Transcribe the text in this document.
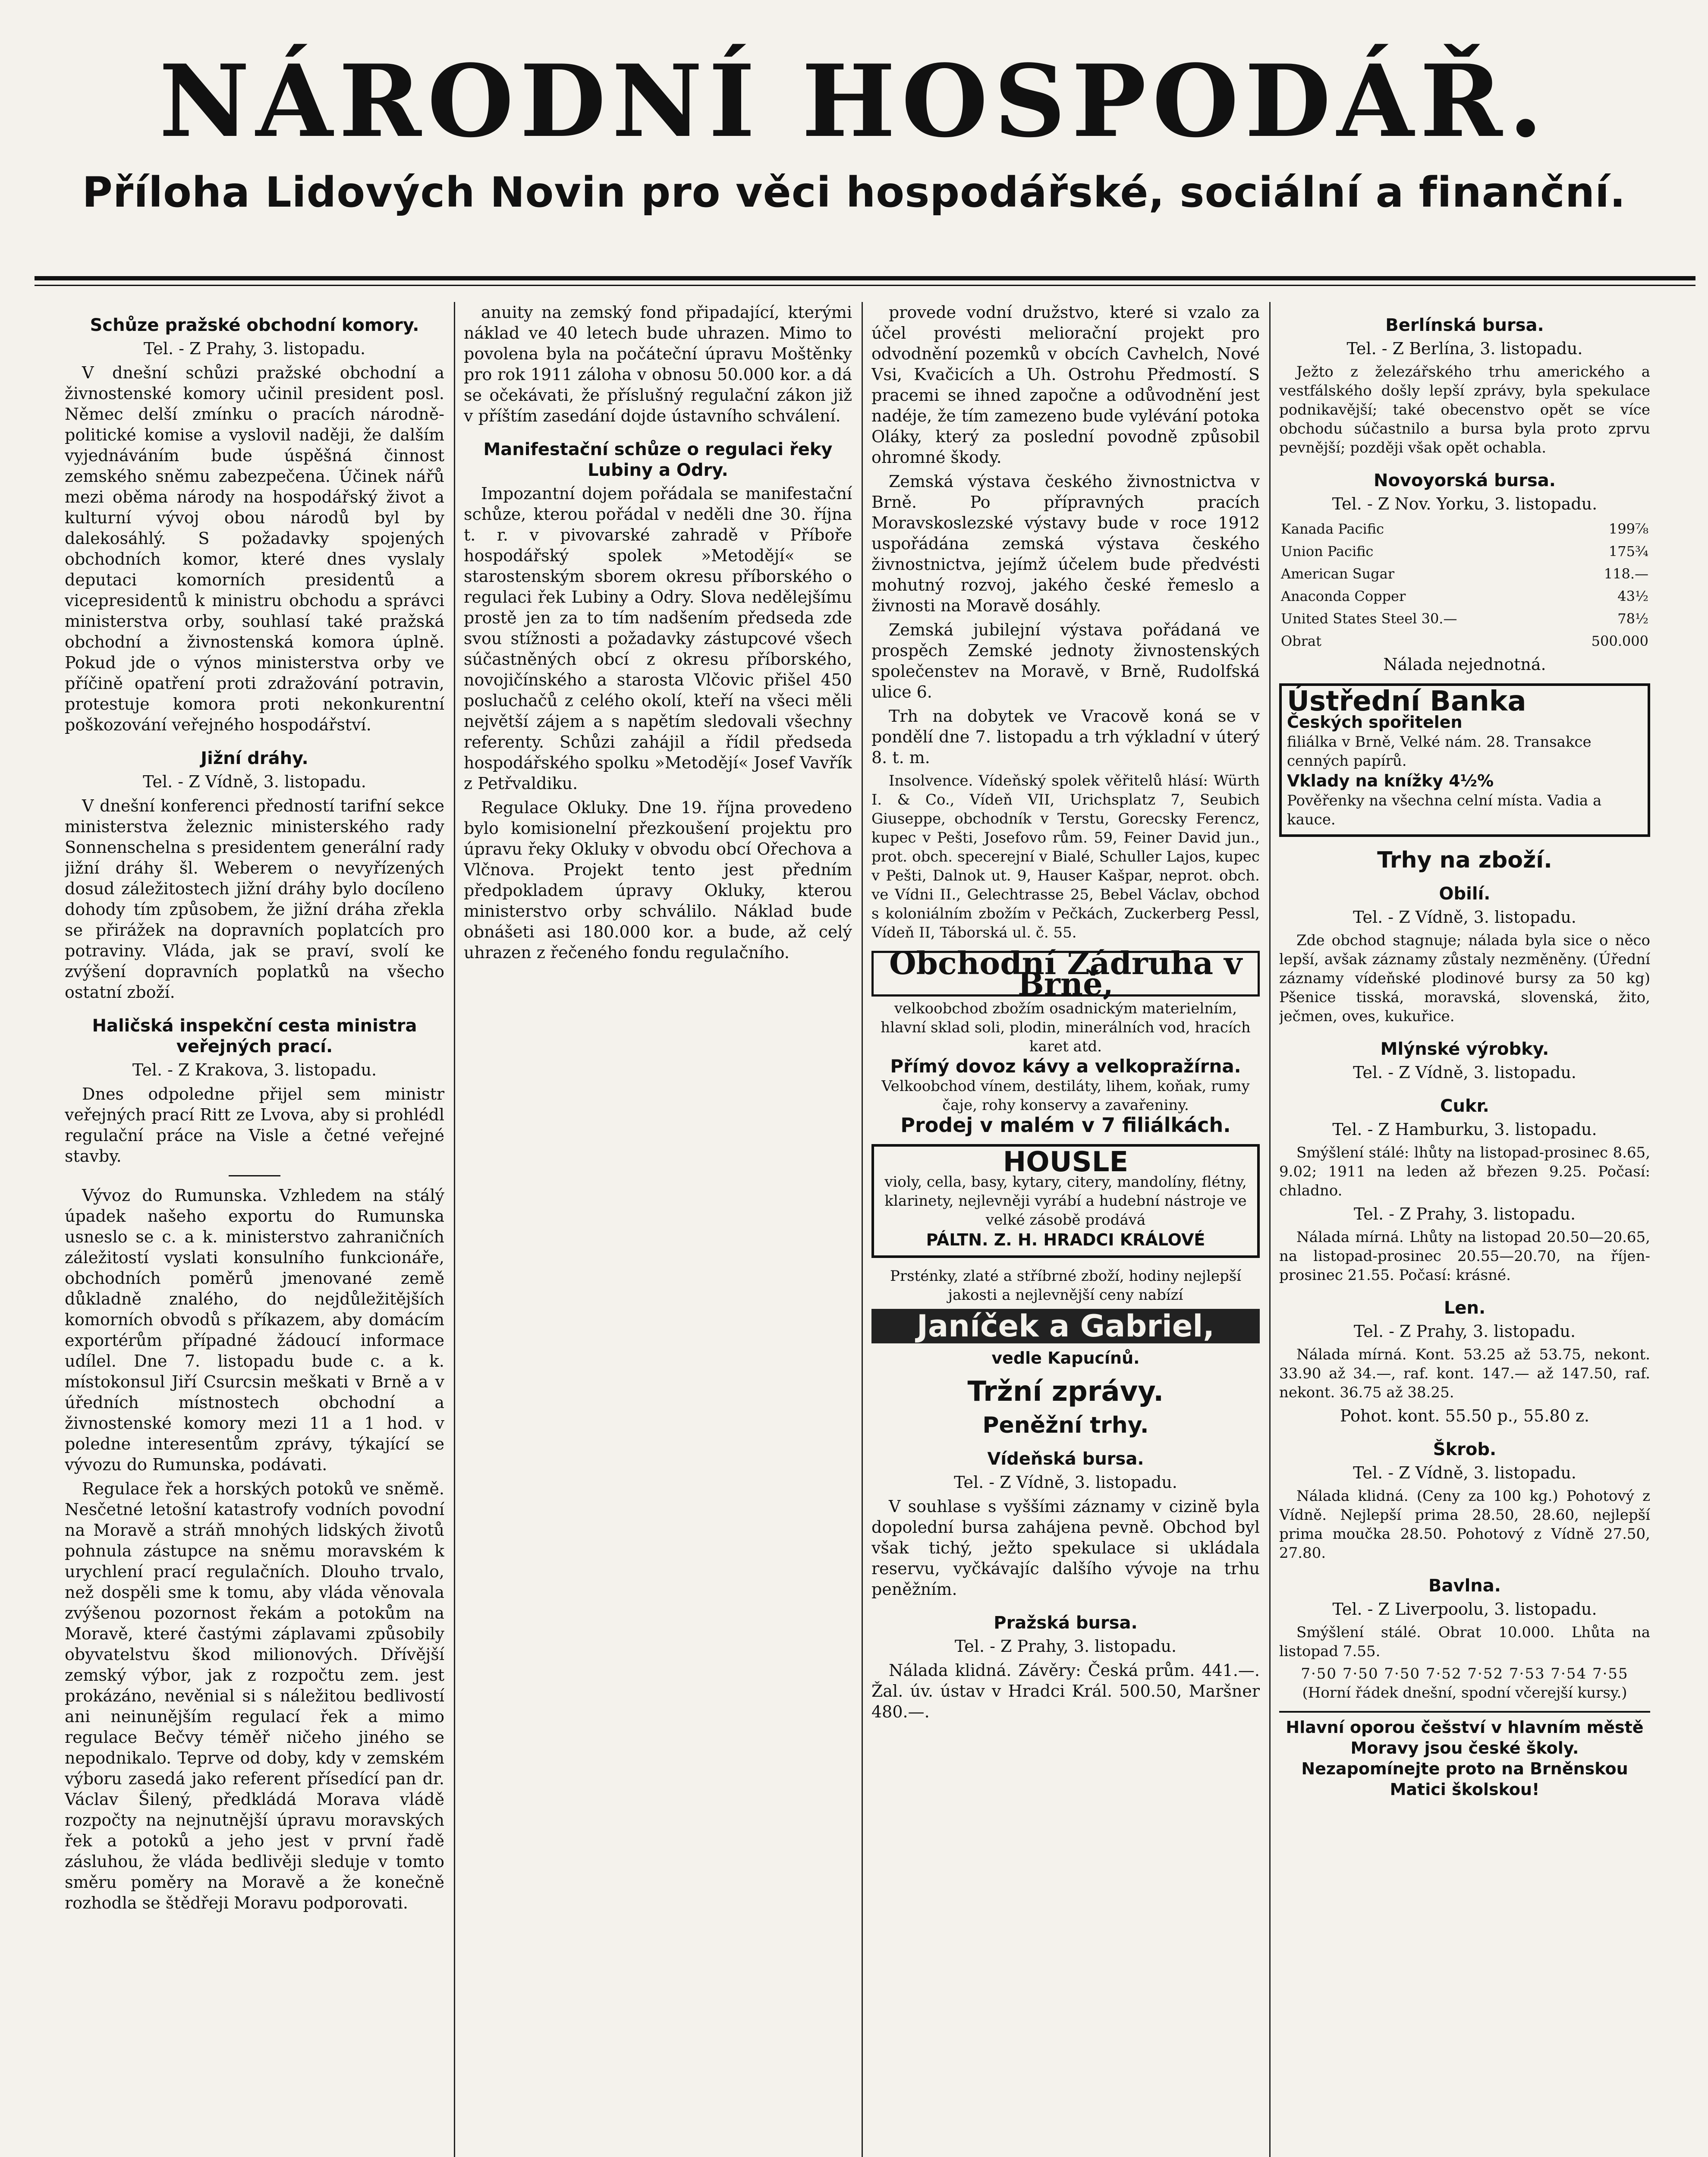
NÁRODNÍ HOSPODÁŘ.
Příloha Lidových Novin pro věci hospodářské, sociální a finanční.
Schůze pražské obchodní komory.
Tel. - Z Prahy, 3. listopadu.

V dnešní schůzi pražské obchodní a živnostenské komory učinil president posl. Němec delší zmínku o pracích národně-politické komise a vyslovil naději, že dalším vyjednáváním bude úspěšná činnost zemského sněmu zabezpečena. Účinek nářů mezi oběma národy na hospodářský život a kulturní vývoj obou národů byl by dalekosáhlý. S požadavky spojených obchodních komor, které dnes vyslaly deputaci komorních presidentů a vicepresidentů k ministru obchodu a správci ministerstva orby, souhlasí také pražská obchodní a živnostenská komora úplně. Pokud jde o výnos ministerstva orby ve příčině opatření proti zdražování potravin, protestuje komora proti nekonkurentní poškozování veřejného hospodářství.

Jižní dráhy.
Tel. - Z Vídně, 3. listopadu.

V dnešní konferenci předností tarifní sekce ministerstva železnic ministerského rady Sonnenschelna s presidentem generální rady jižní dráhy šl. Weberem o nevyřízených dosud záležitostech jižní dráhy bylo docíleno dohody tím způsobem, že jižní dráha zřekla se přirážek na dopravních poplatcích pro potraviny. Vláda, jak se praví, svolí ke zvýšení dopravních poplatků na všecho ostatní zboží.

Haličská inspekční cesta ministra veřejných prací.
Tel. - Z Krakova, 3. listopadu.

Dnes odpoledne přijel sem ministr veřejných prací Ritt ze Lvova, aby si prohlédl regulační práce na Visle a četné veřejné stavby.

Vývoz do Rumunska. Vzhledem na stálý úpadek našeho exportu do Rumunska usneslo se c. a k. ministerstvo zahraničních záležitostí vyslati konsulního funkcionáře, obchodních poměrů jmenované země důkladně znalého, do nejdůležitějších komorních obvodů s příkazem, aby domácím exportérům případné žádoucí informace udílel. Dne 7. listopadu bude c. a k. místokonsul Jiří Csurcsin meškati v Brně a v úředních místnostech obchodní a živnostenské komory mezi 11 a 1 hod. v poledne interesentům zprávy, týkající se vývozu do Rumunska, podávati.

Regulace řek a horských potoků ve sněmě. Nesčetné letošní katastrofy vodních povodní na Moravě a stráň mnohých lidských životů pohnula zástupce na sněmu moravském k urychlení prací regulačních. Dlouho trvalo, než dospěli sme k tomu, aby vláda věnovala zvýšenou pozornost řekám a potokům na Moravě, které častými záplavami způsobily obyvatelstvu škod milionových. Dřívější zemský výbor, jak z rozpočtu zem. jest prokázáno, nevěnial si s náležitou bedlivostí ani neinunějším regulací řek a mimo regulace Bečvy téměř ničeho jiného se nepodnikalo. Teprve od doby, kdy v zemském výboru zasedá jako referent přísedící pan dr. Václav Šilený, předkládá Morava vládě rozpočty na nejnutnější úpravu moravských řek a potoků a jeho jest v první řadě zásluhou, že vláda bedlivěji sleduje v tomto směru poměry na Moravě a že konečně rozhodla se štědřeji Moravu podporovati.

anuity na zemský fond připadající, kterými náklad ve 40 letech bude uhrazen. Mimo to povolena byla na počáteční úpravu Moštěnky pro rok 1911 záloha v obnosu 50.000 kor. a dá se očekávati, že příslušný regulační zákon již v příštím zasedání dojde ústavního schválení.

Manifestační schůze o regulaci řeky Lubiny a Odry.

Impozantní dojem pořádala se manifestační schůze, kterou pořádal v neděli dne 30. října t. r. v pivovarské zahradě v Příboře hospodářský spolek »Metodějí« se starostenským sborem okresu příborského o regulaci řek Lubiny a Odry. Slova nedělejšímu prostě jen za to tím nadšením předseda zde svou stížnosti a požadavky zástupcové všech súčastněných obcí z okresu příborského, novojičínského a starosta Vlčovic přišel 450 posluchačů z celého okolí, kteří na všeci měli největší zájem a s napětím sledovali všechny referenty. Schůzi zahájil a řídil předseda hospodářského spolku »Metodějí« Josef Vavřík z Petřvaldiku.

Regulace Okluky. Dne 19. října provedeno bylo komisionelní přezkoušení projektu pro úpravu řeky Okluky v obvodu obcí Ořechova a Vlčnova. Projekt tento jest předním předpokladem úpravy Okluky, kterou ministerstvo orby schválilo. Náklad bude obnášeti asi 180.000 kor. a bude, až celý uhrazen z řečeného fondu regulačního.

provede vodní družstvo, které si vzalo za účel provésti meliorační projekt pro odvodnění pozemků v obcích Cavhelch, Nové Vsi, Kvačicích a Uh. Ostrohu Předmostí. S pracemi se ihned započne a odůvodnění jest nadéje, že tím zamezeno bude vylévání potoka Oláky, který za poslední povodně způsobil ohromné škody.

Zemská výstava českého živnostnictva v Brně. Po přípravných pracích Moravskoslezské výstavy bude v roce 1912 uspořádána zemská výstava českého živnostnictva, jejímž účelem bude předvésti mohutný rozvoj, jakého české řemeslo a živnosti na Moravě dosáhly.

Zemská jubilejní výstava pořádaná ve prospěch Zemské jednoty živnostenských společenstev na Moravě, v Brně, Rudolfská ulice 6.

Trh na dobytek ve Vracově koná se v pondělí dne 7. listopadu a trh výkladní v úterý 8. t. m.

Insolvence. Vídeňský spolek věřitelů hlásí: Würth I. & Co., Vídeň VII, Urichsplatz 7, Seubich Giuseppe, obchodník v Terstu, Gorecsky Ferencz, kupec v Pešti, Josefovo rům. 59, Feiner David jun., prot. obch. specerejní v Bialé, Schuller Lajos, kupec v Pešti, Dalnok ut. 9, Hauser Kašpar, neprot. obch. ve Vídni II., Gelechtrasse 25, Bebel Václav, obchod s koloniálním zbožím v Pečkách, Zuckerberg Pessl, Vídeň II, Táborská ul. č. 55.

Obchodní Zádruha v Brně,
velkoobchod zbožím osadnickým materielním, hlavní sklad soli, plodin, minerálních vod, hracích karet atd.
Přímý dovoz kávy a velkopražírna.
Velkoobchod vínem, destiláty, lihem, koňak, rumy čaje, rohy konservy a zavařeniny.
Prodej v malém v 7 filiálkách.
HOUSLE
violy, cella, basy, kytary, citery, mandolíny, flétny, klarinety, nejlevněji vyrábí a hudební nástroje ve velké zásobě prodává
PÁLTN. Z. H. HRADCI KRÁLOVÉ
Prsténky, zlaté a stříbrné zboží, hodiny nejlepší jakosti a nejlevnější ceny nabízí
Janíček a Gabriel,
vedle Kapucínů.
Tržní zprávy.
Peněžní trhy.
Vídeňská bursa.
Tel. - Z Vídně, 3. listopadu.

V souhlase s vyššími záznamy v cizině byla dopolední bursa zahájena pevně. Obchod byl však tichý, ježto spekulace si ukládala reservu, vyčkávajíc dalšího vývoje na trhu peněžním.

Pražská bursa.
Tel. - Z Prahy, 3. listopadu.

Nálada klidná. Závěry: Česká prům. 441.—. Žal. úv. ústav v Hradci Král. 500.50, Maršner 480.—.

Berlínská bursa.
Tel. - Z Berlína, 3. listopadu.

Ježto z železářského trhu amerického a vestfálského došly lepší zprávy, byla spekulace podnikavější; také obecenstvo opět se více obchodu súčastnilo a bursa byla proto zprvu pevnější; později však opět ochabla.

Novoyorská bursa.
Tel. - Z Nov. Yorku, 3. listopadu.
Kanada Pacific	199⅞
Union Pacific	175¾
American Sugar	118.—
Anaconda Copper	43½
United States Steel 30.—	78½
Obrat	500.000
Nálada nejednotná.
Ústřední Banka
Českých spořitelen
filiálka v Brně, Velké nám. 28. Transakce cenných papírů.
Vklady na knížky 4½%
Pověřenky na všechna celní místa. Vadia a kauce.
Trhy na zboží.
Obilí.
Tel. - Z Vídně, 3. listopadu.

Zde obchod stagnuje; nálada byla sice o něco lepší, avšak záznamy zůstaly nezměněny. (Úřední záznamy vídeňské plodinové bursy za 50 kg) Pšenice tisská, moravská, slovenská, žito, ječmen, oves, kukuřice.

Mlýnské výrobky.
Tel. - Z Vídně, 3. listopadu.
Cukr.
Tel. - Z Hamburku, 3. listopadu.

Smýšlení stálé: lhůty na listopad-prosinec 8.65, 9.02; 1911 na leden až březen 9.25. Počasí: chladno.

Tel. - Z Prahy, 3. listopadu.

Nálada mírná. Lhůty na listopad 20.50—20.65, na listopad-prosinec 20.55—20.70, na říjen-prosinec 21.55. Počasí: krásné.

Len.
Tel. - Z Prahy, 3. listopadu.

Nálada mírná. Kont. 53.25 až 53.75, nekont. 33.90 až 34.—, raf. kont. 147.— až 147.50, raf. nekont. 36.75 až 38.25.

Pohot. kont. 55.50 p., 55.80 z.
Škrob.
Tel. - Z Vídně, 3. listopadu.

Nálada klidná. (Ceny za 100 kg.) Pohotový z Vídně. Nejlepší prima 28.50, 28.60, nejlepší prima moučka 28.50. Pohotový z Vídně 27.50, 27.80.

Bavlna.
Tel. - Z Liverpoolu, 3. listopadu.

Smýšlení stálé. Obrat 10.000. Lhůta na listopad 7.55.

7·50 7·50 7·50 7·52 7·52 7·53 7·54 7·55
(Horní řádek dnešní, spodní včerejší kursy.)
Hlavní oporou češství v hlavním městě Moravy jsou české školy. Nezapomínejte proto na Brněnskou Matici školskou!
